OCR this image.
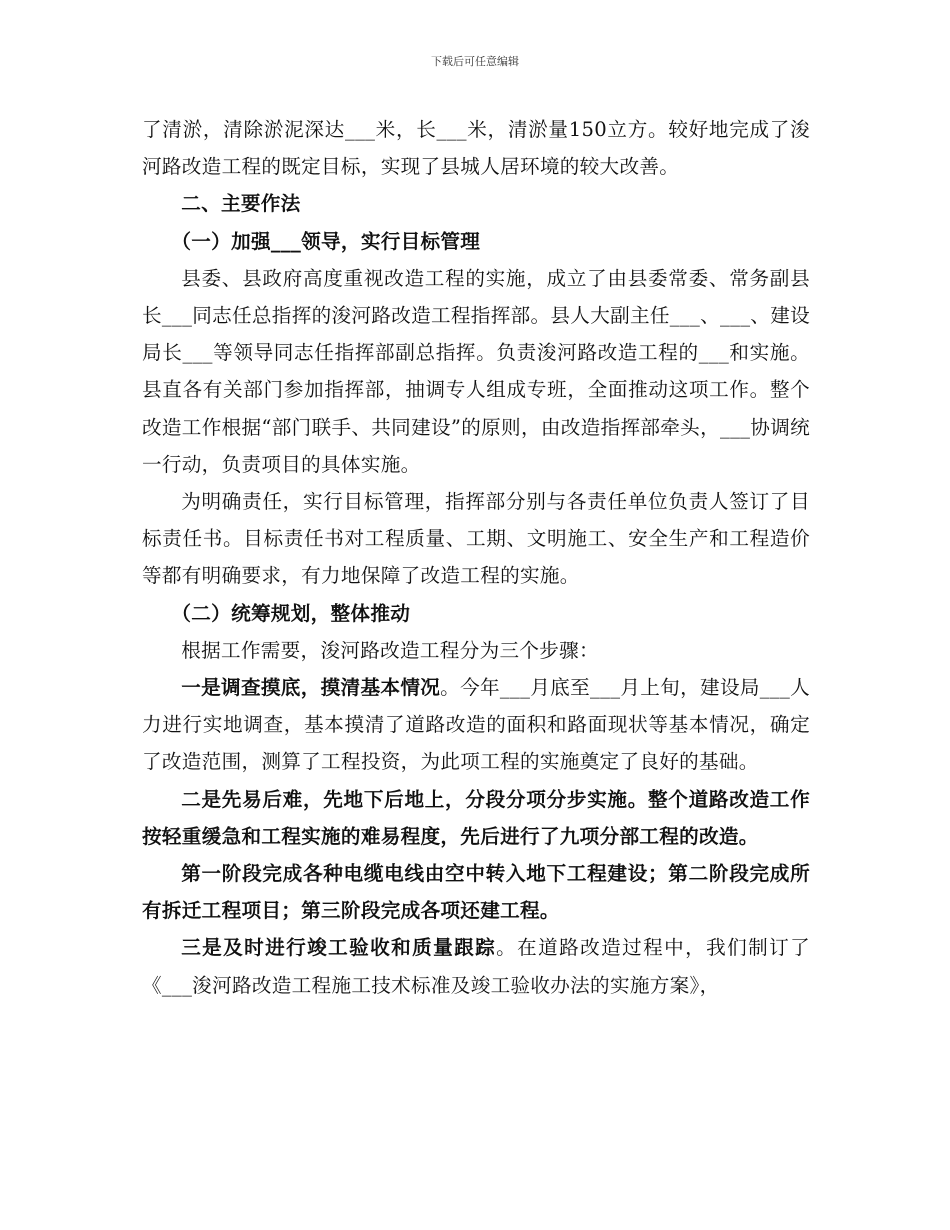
下载后可任意编辑

了清淤，清除淤泥深达___米，长___米，清淤量150立方。较好地完成了浚河路改造工程的既定目标，实现了县城人居环境的较大改善。

二、主要作法

（一）加强___领导，实行目标管理

县委、县政府高度重视改造工程的实施，成立了由县委常委、常务副县长___同志任总指挥的浚河路改造工程指挥部。县人大副主任___、___、建设局长___等领导同志任指挥部副总指挥。负责浚河路改造工程的___和实施。县直各有关部门参加指挥部，抽调专人组成专班，全面推动这项工作。整个改造工作根据“部门联手、共同建设”的原则，由改造指挥部牵头，___协调统一行动，负责项目的具体实施。

为明确责任，实行目标管理，指挥部分别与各责任单位负责人签订了目标责任书。目标责任书对工程质量、工期、文明施工、安全生产和工程造价等都有明确要求，有力地保障了改造工程的实施。

（二）统筹规划，整体推动

根据工作需要，浚河路改造工程分为三个步骤：

一是调查摸底，摸清基本情况。今年___月底至___月上旬，建设局___人力进行实地调查，基本摸清了道路改造的面积和路面现状等基本情况，确定了改造范围，测算了工程投资，为此项工程的实施奠定了良好的基础。

二是先易后难，先地下后地上，分段分项分步实施。整个道路改造工作按轻重缓急和工程实施的难易程度，先后进行了九项分部工程的改造。

第一阶段完成各种电缆电线由空中转入地下工程建设；第二阶段完成所有拆迁工程项目；第三阶段完成各项还建工程。

三是及时进行竣工验收和质量跟踪。在道路改造过程中，我们制订了《___浚河路改造工程施工技术标准及竣工验收办法的实施方案》，
